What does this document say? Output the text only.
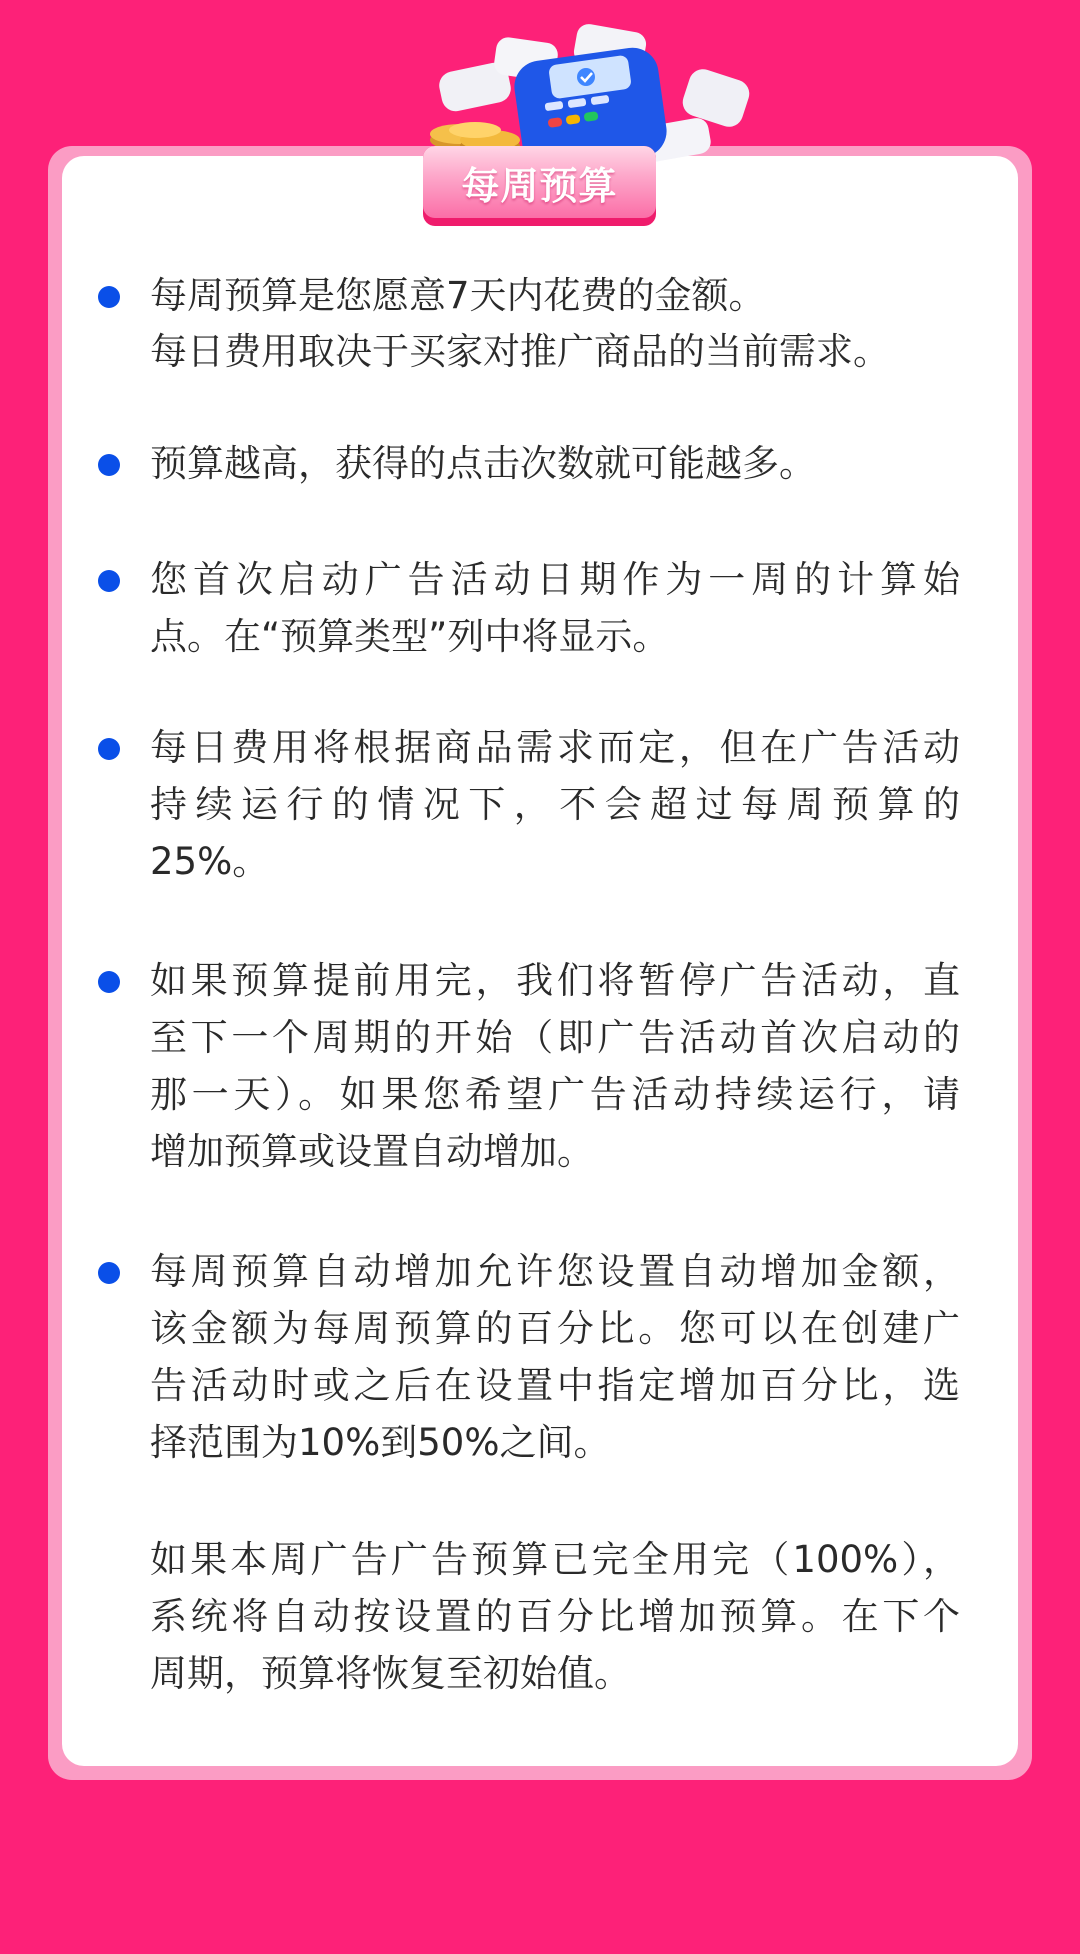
每周预算
每周预算是您愿意7天内花费的金额。
每日费用取决于买家对推广商品的当前需求。
预算越高，获得的点击次数就可能越多。
您首次启动广告活动日期作为一周的计算始
点。在“预算类型”列中将显示。
每日费用将根据商品需求而定，但在广告活动
持续运行的情况下，不会超过每周预算的
25%。
如果预算提前用完，我们将暂停广告活动，直
至下一个周期的开始（即广告活动首次启动的
那一天）。如果您希望广告活动持续运行，请
增加预算或设置自动增加。
每周预算自动增加允许您设置自动增加金额，
该金额为每周预算的百分比。您可以在创建广
告活动时或之后在设置中指定增加百分比，选
择范围为10%到50%之间。
如果本周广告广告预算已完全用完（100%），
系统将自动按设置的百分比增加预算。在下个
周期，预算将恢复至初始值。
